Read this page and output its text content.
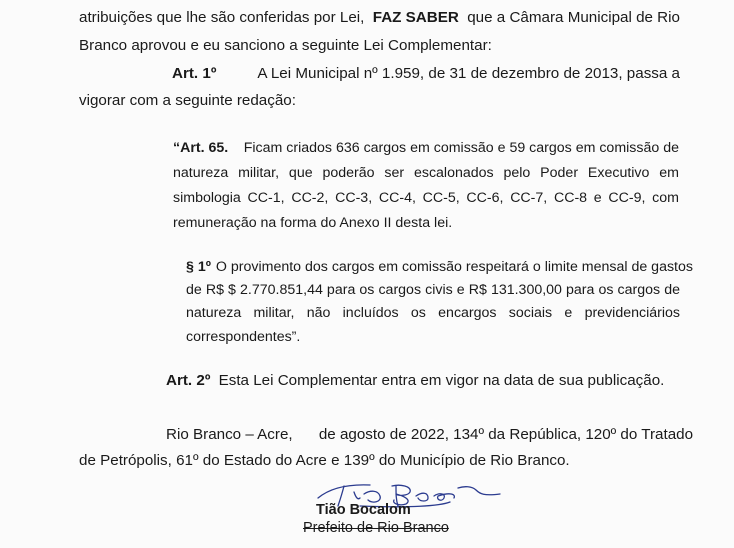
atribuições que lhe são conferidas por Lei, FAZ SABER que a Câmara Municipal de Rio
Branco aprovou e eu sanciono a seguinte Lei Complementar:
Art. 1º	A Lei Municipal nº 1.959, de 31 de dezembro de 2013, passa a
vigorar com a seguinte redação:
“Art. 65. Ficam criados 636 cargos em comissão e 59 cargos em comissão de
natureza militar, que poderão ser escalonados pelo Poder Executivo em
simbologia CC-1, CC-2, CC-3, CC-4, CC-5, CC-6, CC-7, CC-8 e CC-9, com
remuneração na forma do Anexo II desta lei.
§ 1º O provimento dos cargos em comissão respeitará o limite mensal de gastos
de R$ $ 2.770.851,44 para os cargos civis e R$ 131.300,00 para os cargos de
natureza militar, não incluídos os encargos sociais e previdenciários
correspondentes”.
Art. 2º Esta Lei Complementar entra em vigor na data de sua publicação.
Rio Branco – Acre, de agosto de 2022, 134º da República, 120º do Tratado
de Petrópolis, 61º do Estado do Acre e 139º do Município de Rio Branco.
Tião Bocalom
Prefeito de Rio Branco
